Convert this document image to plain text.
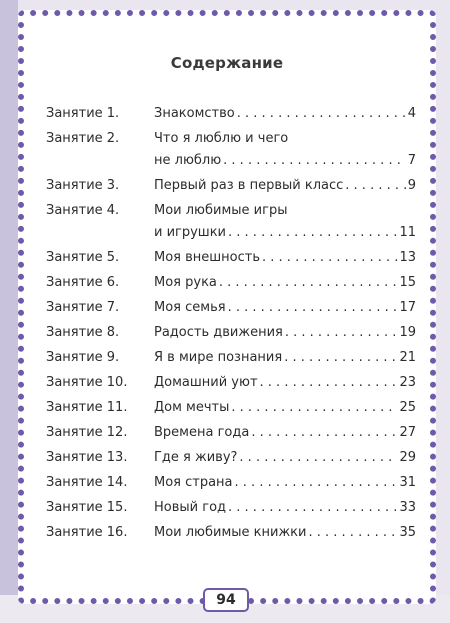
Содержание
Занятие 1.	Знакомство . . .	4
Занятие 2.	Что я люблю и чего
не люблю . . .	7
Занятие 3.	Первый раз в первый класс . . .	9
Занятие 4.	Мои любимые игры
и игрушки . . .	11
Занятие 5.	Моя внешность . . .	13
Занятие 6.	Моя рука . . .	15
Занятие 7.	Моя семья . . .	17
Занятие 8.	Радость движения . . .	19
Занятие 9.	Я в мире познания . . .	21
Занятие 10. Домашний уют . . .	23
Занятие 11. Дом мечты . . .	25
Занятие 12. Времена года . . .	27
Занятие 13. Где я живу? . . .	29
Занятие 14. Моя страна . . .	31
Занятие 15. Новый год . . .	33
Занятие 16. Мои любимые книжки . . .	35
94
